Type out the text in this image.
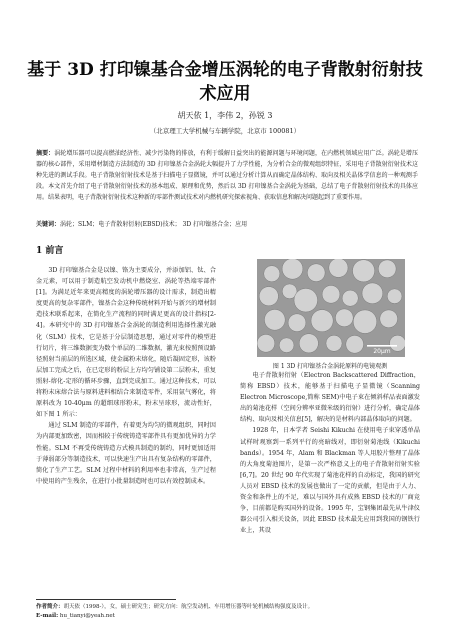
基于 3D 打印镍基合金增压涡轮的电子背散射衍射技
术应用
胡天依 1，李伟 2，孙锐 3
（北京理工大学机械与车辆学院，北京市 100081）
摘要：涡轮增压器可以提高燃油经济性、减少污染物的排放，有利于缓解日益突出的能源问题与环境问题，在内燃机领域应用广泛。涡轮是增压器的核心部件，采用增材制造方法制造的 3D 打印镍基合金涡轮大幅提升了力学性能，为分析合金的微观组织特征，采用电子背散射衍射技术这种先进的测试手段。电子背散射衍射技术是基于扫描电子显微镜，并可以通过分析计算从而确定晶体结构、取向及相关晶体学信息的一种观测手段。本文首先介绍了电子背散射衍射技术的基本组成、原理和优势，然后以 3D 打印镍基合金涡轮为基础，总结了电子背散射衍射技术的具体应用。结果表明，电子背散射衍射技术这种新的零部件测试技术对内燃机研究探索视角、获取信息和解决问题起到了重要作用。
关键词：涡轮；SLM；电子背散射衍射(EBSD)技术； 3D 打印镍基合金；应用
1 前言

3D 打印镍基合金是以镍、铬为主要成分，并添加铝、钛、合金元素，可以用于制造航空发动机中燃烧室、涡轮等热端零部件[1]。为满足近年来更高精度的涡轮增压器的设计需求，制造出精度更高的复杂零部件，镍基合金这种传统材料开始与新兴的增材制造技术联系起来，在简化生产流程的同时满足更高的设计指标[2-4]。本研究中的 3D 打印镍基合金涡轮的制造利用选择性激光融化（SLM）技术，它是基于分层制造思想，通过对零件的模型进行切片，将三维数据变为数个单层的二维数据，激光束按照预设路径照射当前层的所选区域，使金属粉末熔化，随后凝固定形，该粉层加工完成之后，在已定形的粉层上方均匀铺设第二层粉末，重复照射-熔化-定形的循环步骤，直到完成加工。通过这种技术，可以将粉末床熔合法与原料进料相结合来制造零件，采用氩气雾化，将原料改为 10-40μm 的超细球形粉末，粉末呈球形，流动性好，如下图 1 所示：

通过 SLM 制造的零部件，有着更为均匀的微观组织，同时因为内部更加致密，因而相较于传统铸造零部件具有更加优异的力学性能。SLM 不再受传统铸造方式模具制造的制约，同时更加适用于薄弱部分等制造技术，可以快速生产出具有复杂结构的零部件，简化了生产工艺。SLM 过程中材料的利用率也非常高，生产过程中使用的产生残余，在进行小批量制造时也可以有效控制成本。

20μm
图 1 3D 打印镍基合金涡轮原料的电镜观测

电子背散射衍射（Electron Backscattered Diffraction，简称 EBSD）技术，能够基于扫描电子显微镜（Scanning Electron Microscope,简称 SEM)中电子束在倾斜样品表面激发出的菊池花样（空间分辨率亚微米级的衍射）进行分析，确定晶体结构、取向及相关信息[5]，解决的是材料内部晶体取向的问题。

1928 年，日本学者 Seishi Kikuchi 在使用电子束穿透单晶试样时观察到一系列平行的亮暗线对，即衍射菊池线（Kikuchi bands）。1954 年，Alam 和 Blackman 等人用胶片整理了晶体的大角度菊池图片，是第一次严格意义上的电子背散射衍射实验[6,7]。20 世纪 90 年代实现了菊池花样的自动标定，我国的研究人员对 EBSD 技术的发展也做出了一定的贡献，但是由于人力、资金和条件上的不足，难以与国外具有成熟 EBSD 技术的厂商竞争，目前都是购买国外的设备。1995 年，宝钢集团最先从牛津仪器公司引入相关设备，因此 EBSD 技术最先应用到我国的钢铁行业上，其设

作者简介：胡天依（1998-），女，硕士研究生；研究方向：航空发动机、车用增压器等叶轮机械结构强度及设计。
E-mail: hu_tianyi@yeah.net
